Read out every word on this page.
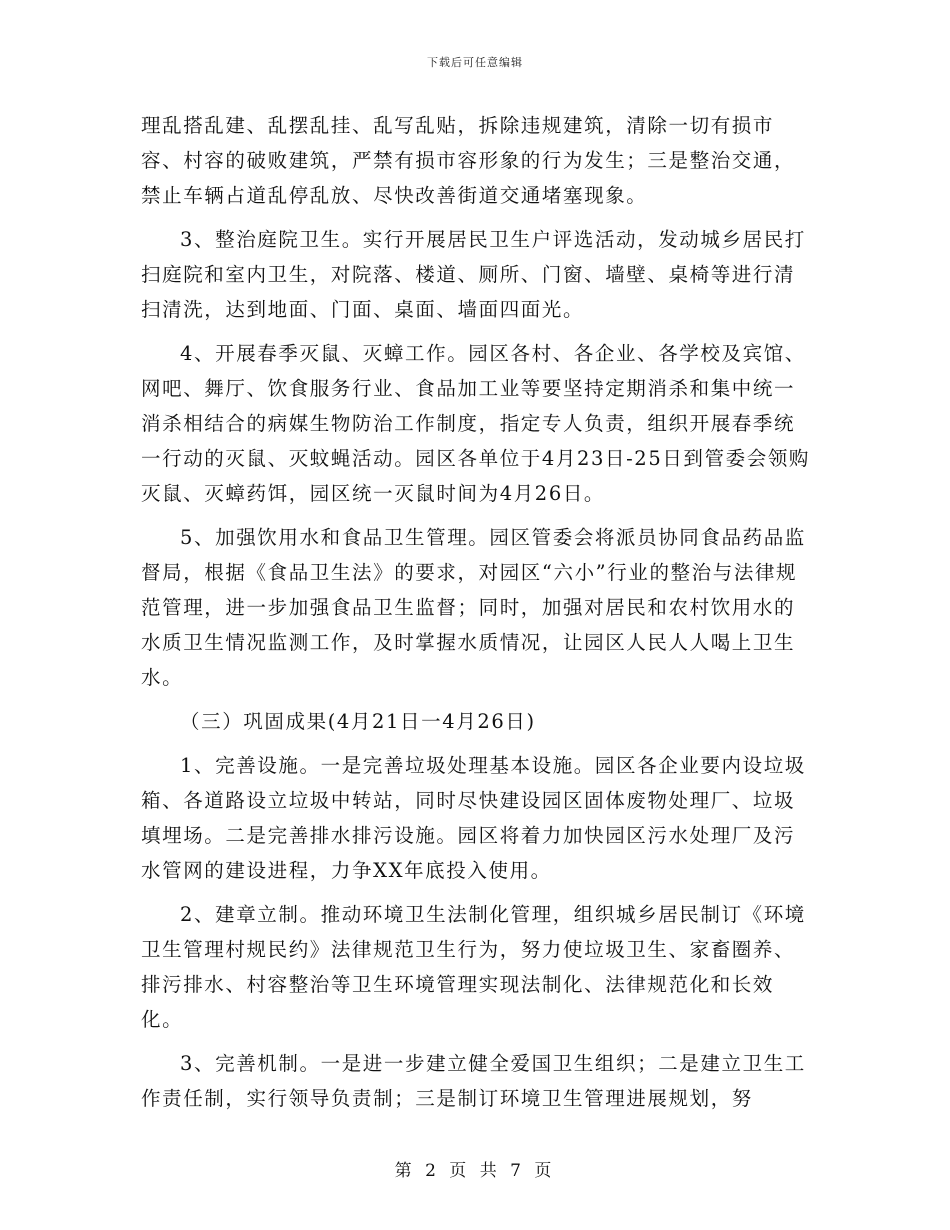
下载后可任意编辑

理乱搭乱建、乱摆乱挂、乱写乱贴，拆除违规建筑，清除一切有损市容、村容的破败建筑，严禁有损市容形象的行为发生；三是整治交通，禁止车辆占道乱停乱放、尽快改善街道交通堵塞现象。

3、整治庭院卫生。实行开展居民卫生户评选活动，发动城乡居民打扫庭院和室内卫生，对院落、楼道、厕所、门窗、墙壁、桌椅等进行清扫清洗，达到地面、门面、桌面、墙面四面光。

4、开展春季灭鼠、灭蟑工作。园区各村、各企业、各学校及宾馆、网吧、舞厅、饮食服务行业、食品加工业等要坚持定期消杀和集中统一消杀相结合的病媒生物防治工作制度，指定专人负责，组织开展春季统一行动的灭鼠、灭蚊蝇活动。园区各单位于4月23日-25日到管委会领购灭鼠、灭蟑药饵，园区统一灭鼠时间为4月26日。

5、加强饮用水和食品卫生管理。园区管委会将派员协同食品药品监督局，根据《食品卫生法》的要求，对园区“六小”行业的整治与法律规范管理，进一步加强食品卫生监督；同时，加强对居民和农村饮用水的水质卫生情况监测工作，及时掌握水质情况，让园区人民人人喝上卫生水。

（三）巩固成果(4月21日一4月26日)

1、完善设施。一是完善垃圾处理基本设施。园区各企业要内设垃圾箱、各道路设立垃圾中转站，同时尽快建设园区固体废物处理厂、垃圾填埋场。二是完善排水排污设施。园区将着力加快园区污水处理厂及污水管网的建设进程，力争XX年底投入使用。

2、建章立制。推动环境卫生法制化管理，组织城乡居民制订《环境卫生管理村规民约》法律规范卫生行为，努力使垃圾卫生、家畜圈养、排污排水、村容整治等卫生环境管理实现法制化、法律规范化和长效化。

3、完善机制。一是进一步建立健全爱国卫生组织；二是建立卫生工作责任制，实行领导负责制；三是制订环境卫生管理进展规划，努

第 2 页 共 7 页
